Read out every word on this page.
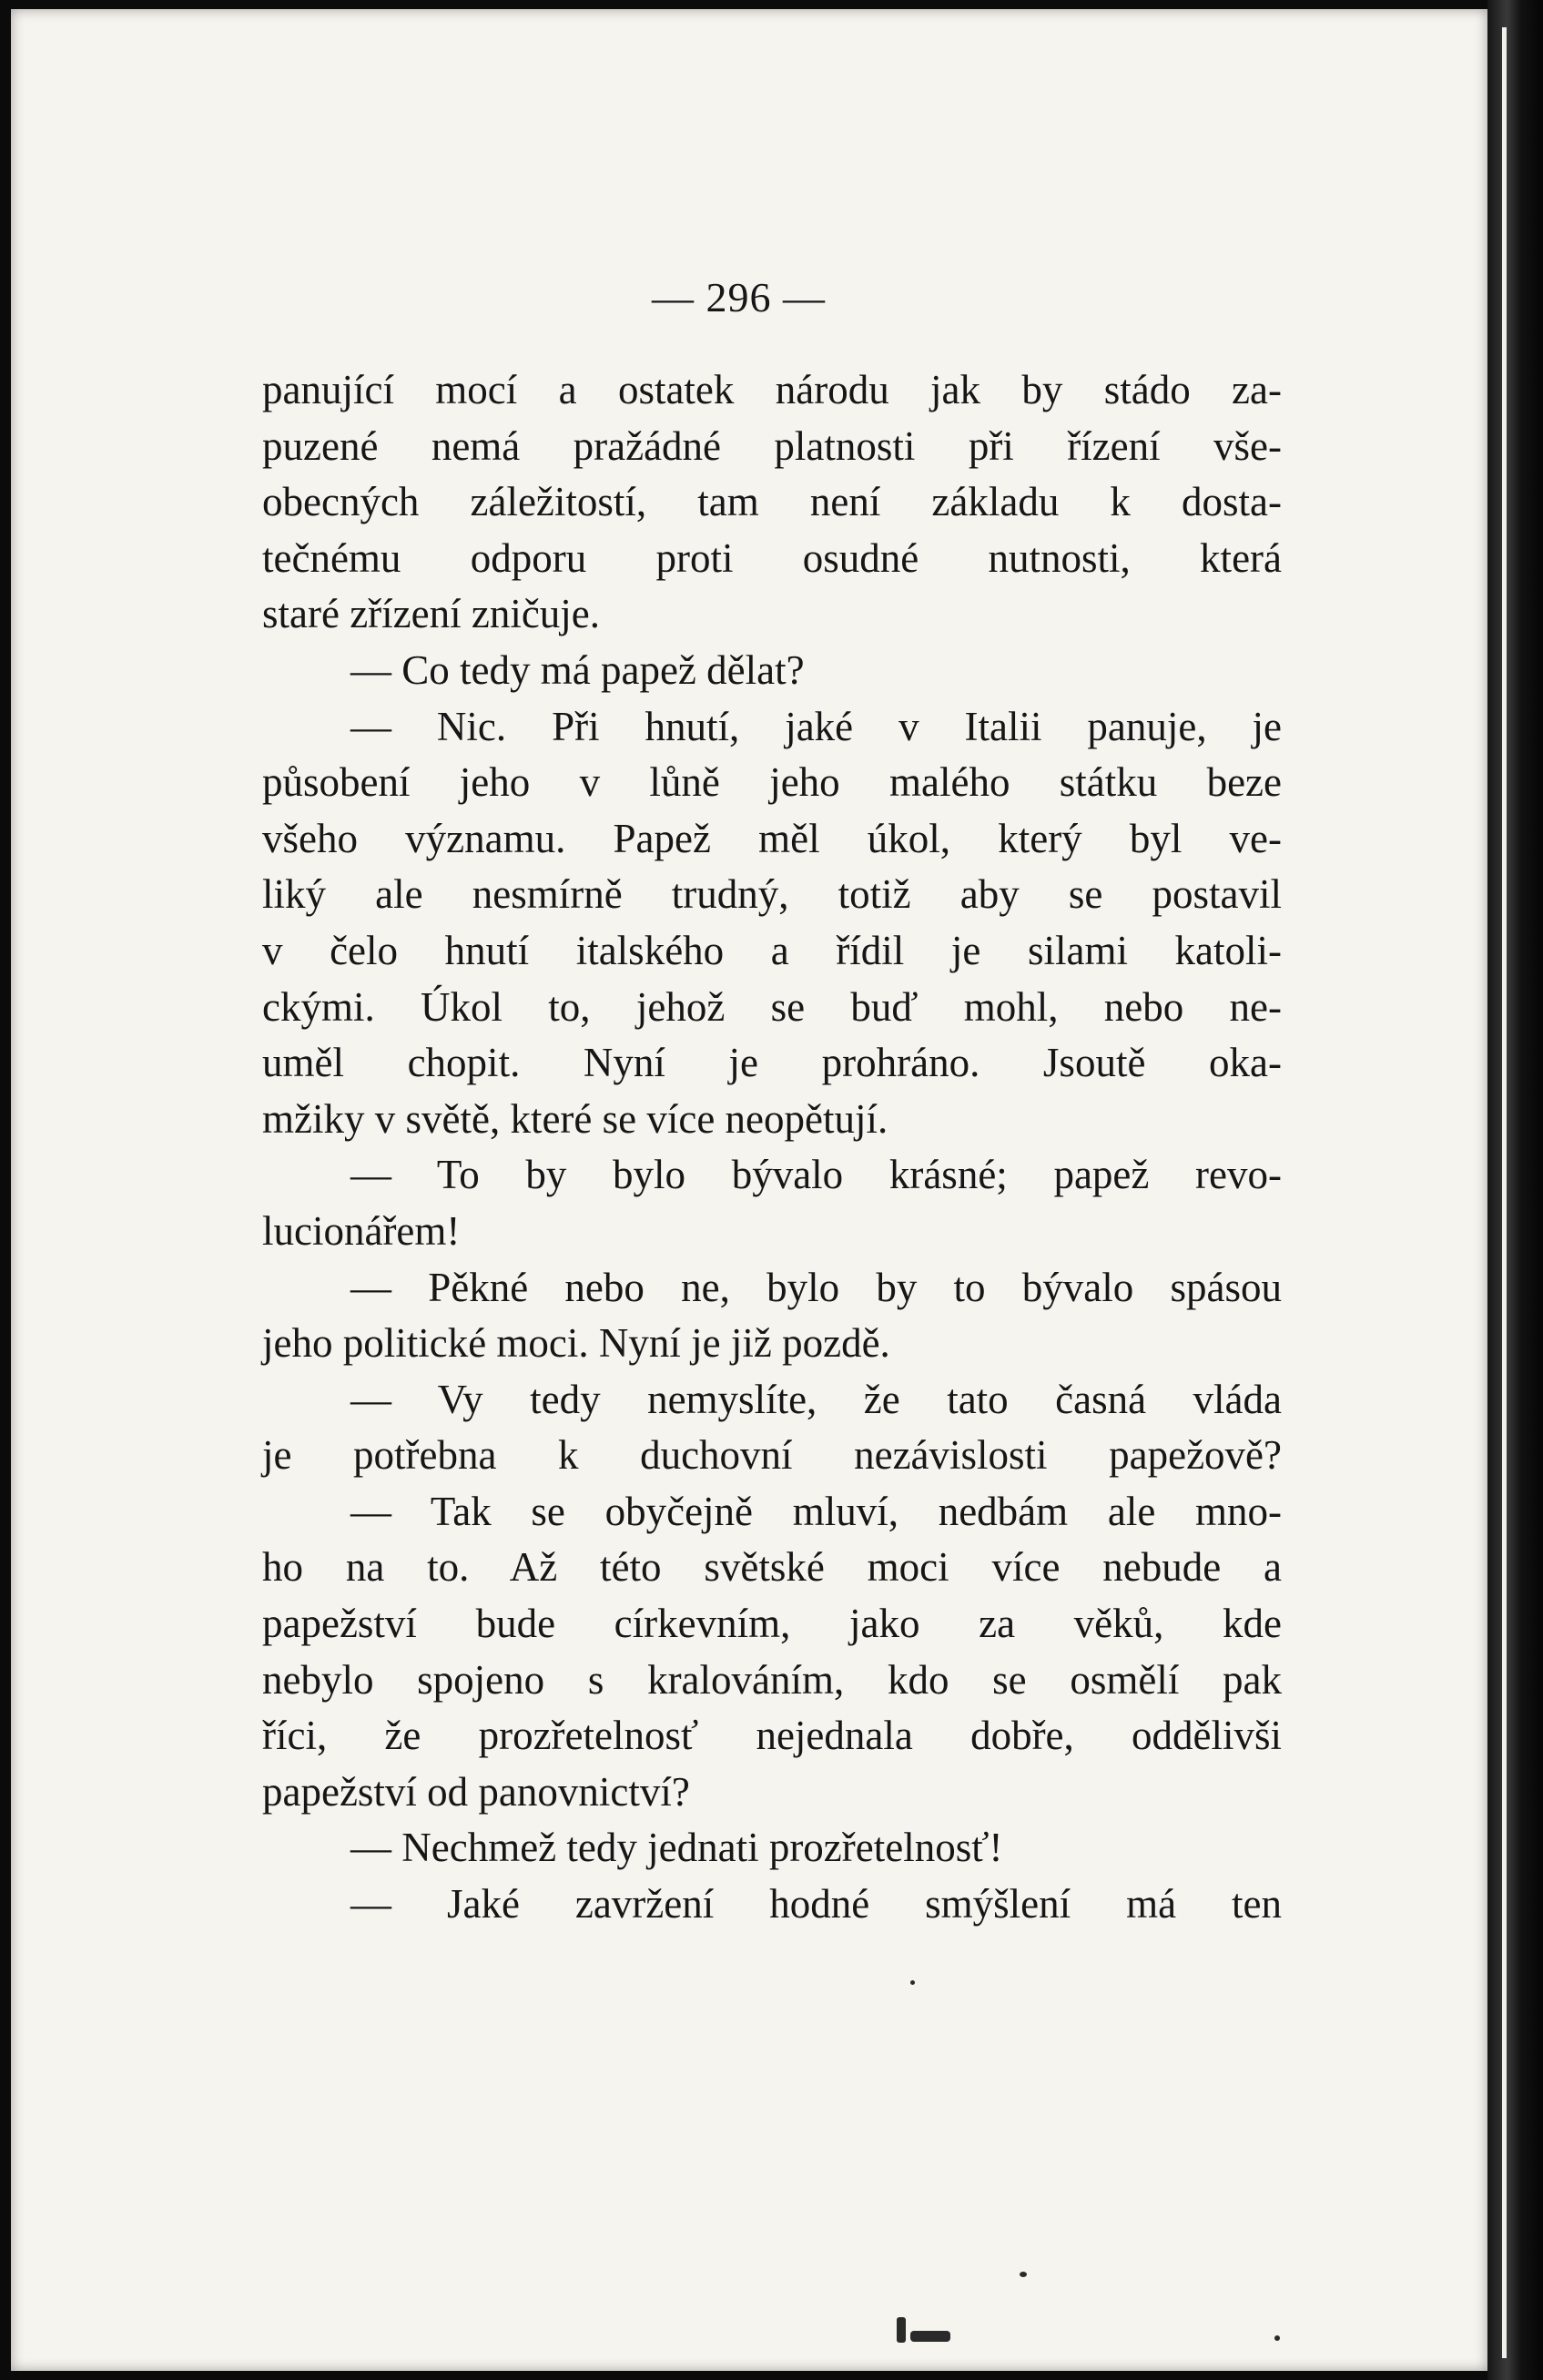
— 296 —
panující mocí a ostatek národu jak by stádo za-
puzené nemá pražádné platnosti při řízení vše-
obecných záležitostí, tam není základu k dosta-
tečnému odporu proti osudné nutnosti, která
staré zřízení zničuje.
— Co tedy má papež dělat?
— Nic. Při hnutí, jaké v Italii panuje, je
působení jeho v lůně jeho malého státku beze
všeho významu. Papež měl úkol, který byl ve-
liký ale nesmírně trudný, totiž aby se postavil
v čelo hnutí italského a řídil je silami katoli-
ckými. Úkol to, jehož se buď mohl, nebo ne-
uměl chopit. Nyní je prohráno. Jsoutě oka-
mžiky v světě, které se více neopětují.
— To by bylo bývalo krásné; papež revo-
lucionářem!
— Pěkné nebo ne, bylo by to bývalo spásou
jeho politické moci. Nyní je již pozdě.
— Vy tedy nemyslíte, že tato časná vláda
je potřebna k duchovní nezávislosti papežově?
— Tak se obyčejně mluví, nedbám ale mno-
ho na to. Až této světské moci více nebude a
papežství bude církevním, jako za věků, kde
nebylo spojeno s kralováním, kdo se osmělí pak
říci, že prozřetelnosť nejednala dobře, oddělivši
papežství od panovnictví?
— Nechmež tedy jednati prozřetelnosť!
— Jaké zavržení hodné smýšlení má ten
